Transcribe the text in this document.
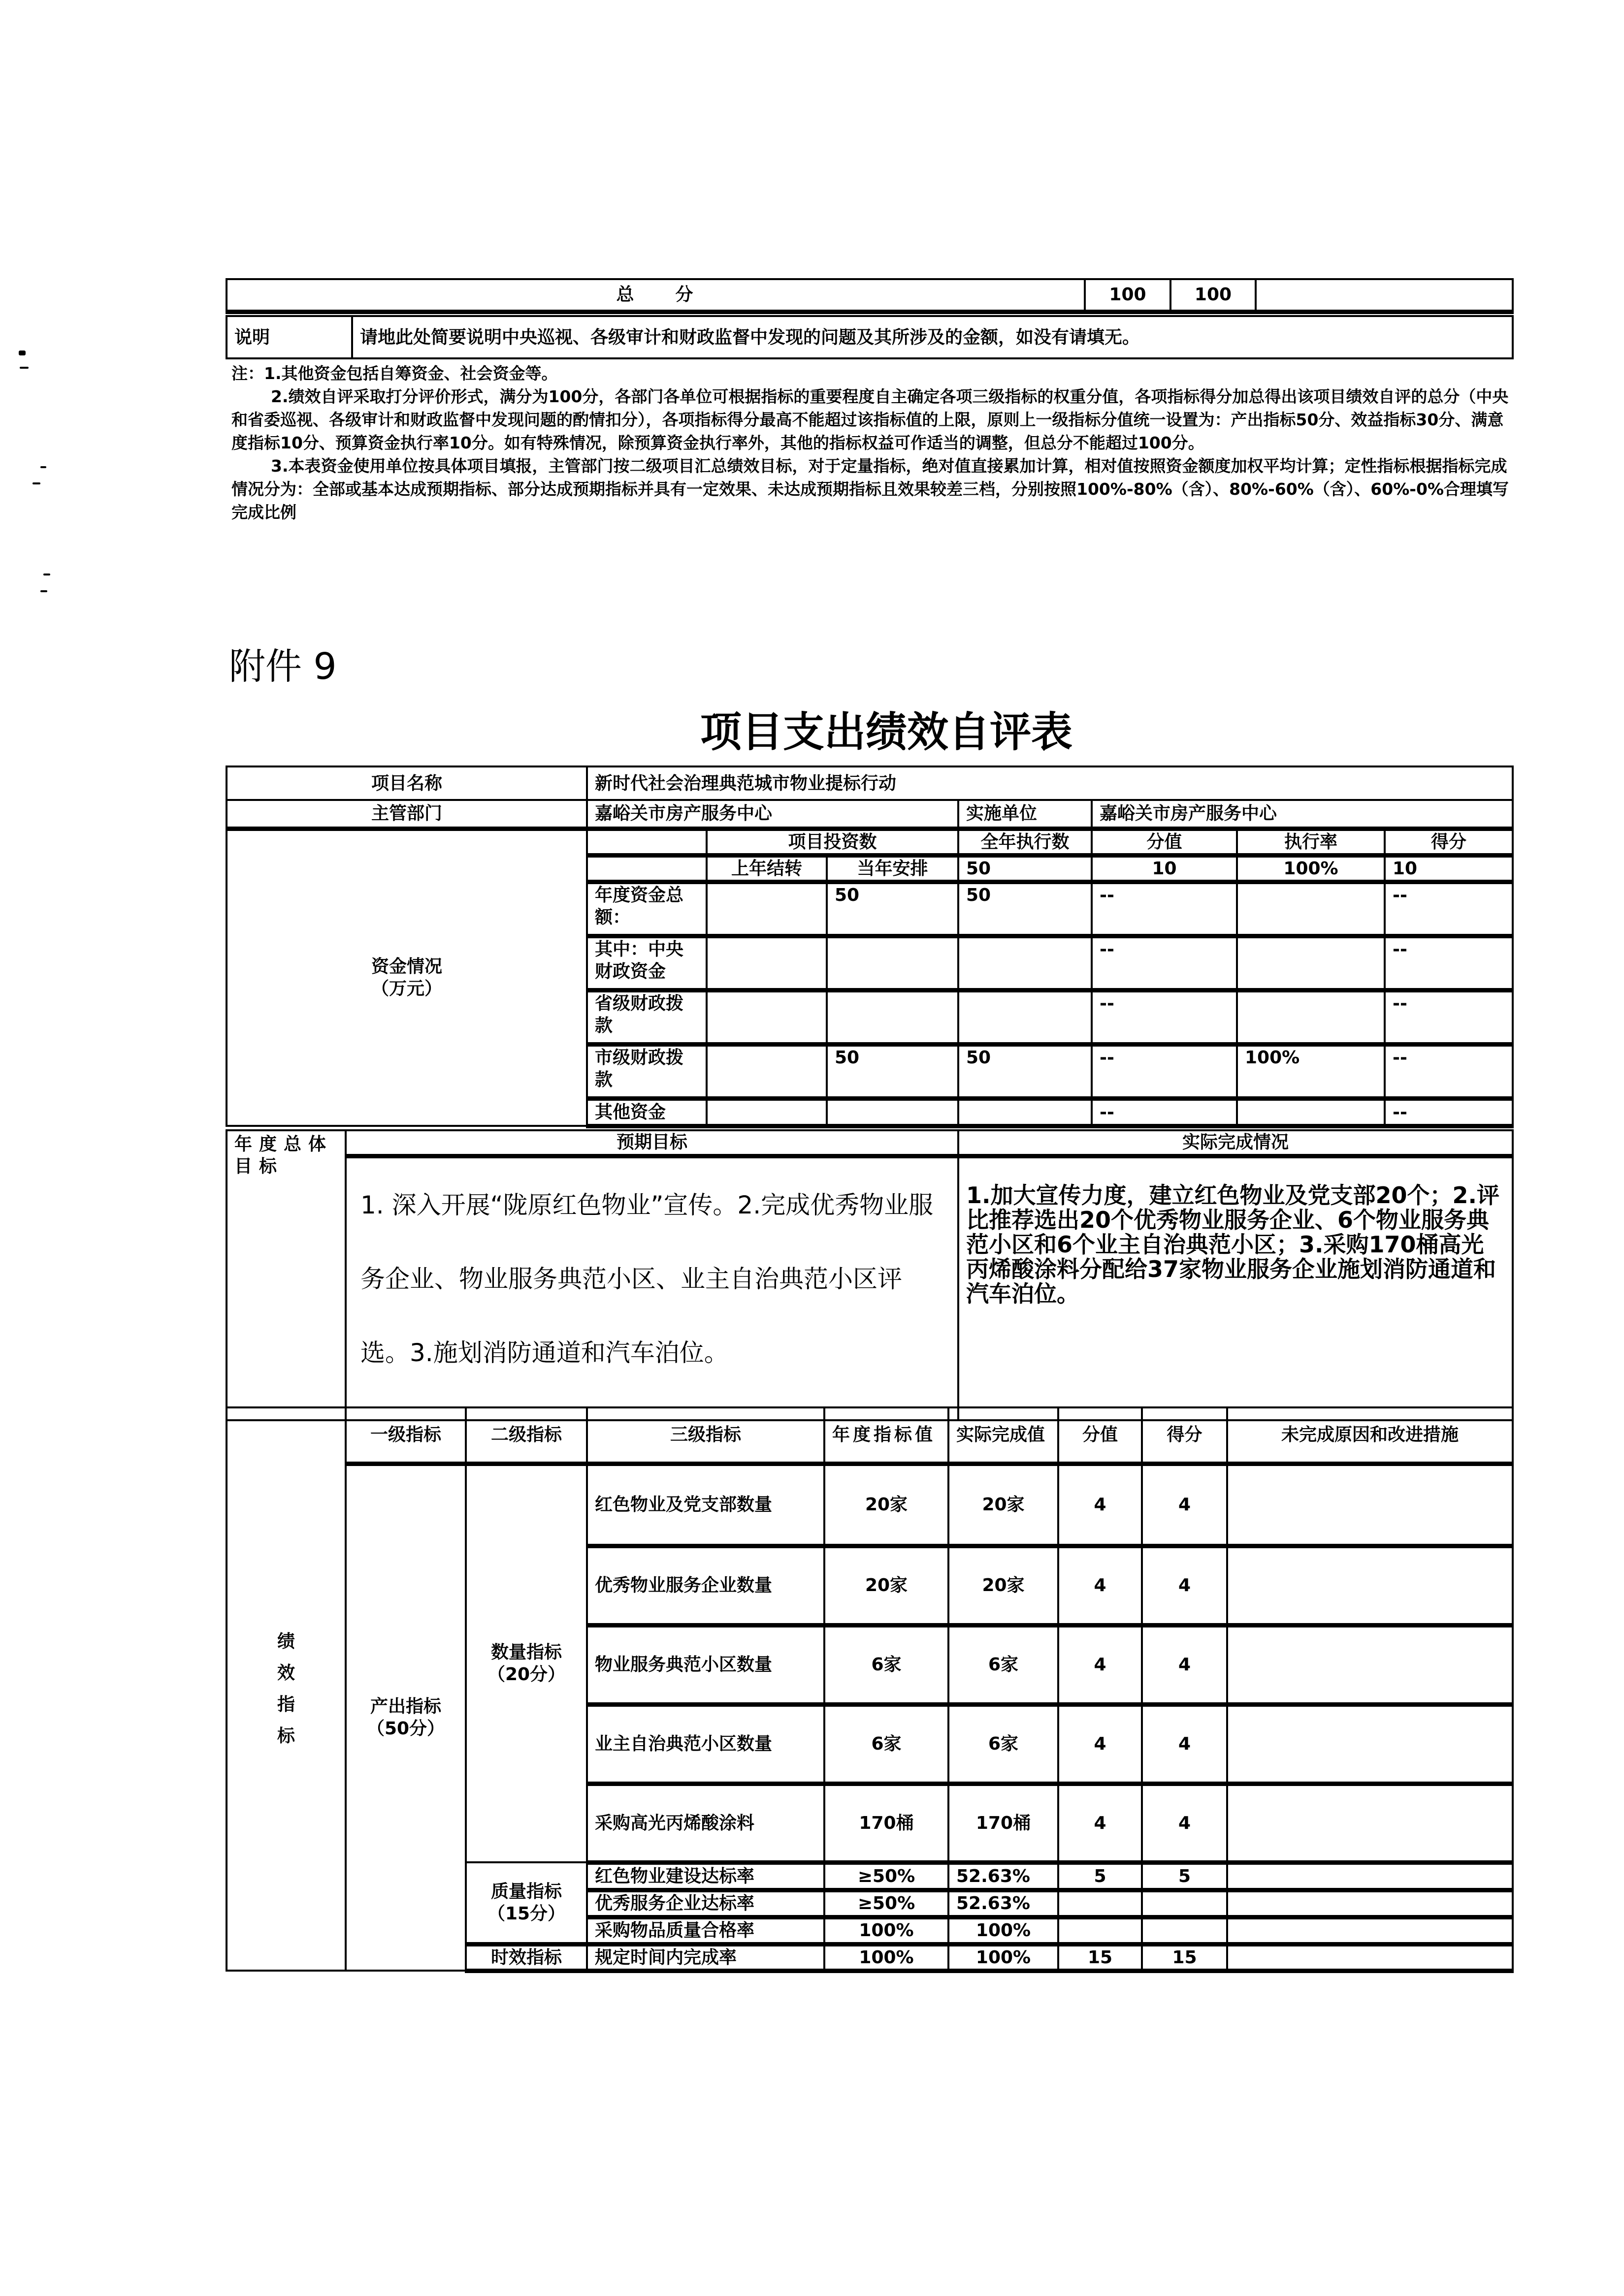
总　　分	100	100	
说明	请地此处简要说明中央巡视、各级审计和财政监督中发现的问题及其所涉及的金额，如没有请填无。

注：1.其他资金包括自筹资金、社会资金等。

2.绩效自评采取打分评价形式，满分为100分，各部门各单位可根据指标的重要程度自主确定各项三级指标的权重分值，各项指标得分加总得出该项目绩效自评的总分（中央和省委巡视、各级审计和财政监督中发现问题的酌情扣分），各项指标得分最高不能超过该指标值的上限，原则上一级指标分值统一设置为：产出指标50分、效益指标30分、满意度指标10分、预算资金执行率10分。如有特殊情况，除预算资金执行率外，其他的指标权益可作适当的调整，但总分不能超过100分。

3.本表资金使用单位按具体项目填报，主管部门按二级项目汇总绩效目标，对于定量指标，绝对值直接累加计算，相对值按照资金额度加权平均计算；定性指标根据指标完成情况分为：全部或基本达成预期指标、部分达成预期指标并具有一定效果、未达成预期指标且效果较差三档，分别按照100%-80%（含）、80%-60%（含）、60%-0%合理填写完成比例

附件 9
项目支出绩效自评表
项目名称	新时代社会治理典范城市物业提标行动						
主管部门	嘉峪关市房产服务中心			实施单位	嘉峪关市房产服务中心		

资金情况
（万元）		项目投资数		全年执行数	分值	执行率	得分
		上年结转	当年安排	50	10	100%	10
	年度资金总额：		50	50	--		--
	其中：中央财政资金				--		--
	省级财政拨款				--		--
	市级财政拨款		50	50	--	100%	--
	其他资金				--		--
年度总体目标	预期目标	实际完成情况
	1. 深入开展“陇原红色物业”宣传。2.完成优秀物业服务企业、物业服务典范小区、业主自治典范小区评选。3.施划消防通道和汽车泊位。	1.加大宣传力度，建立红色物业及党支部20个；2.评比推荐选出20个优秀物业服务企业、6个物业服务典范小区和6个业主自治典范小区；3.采购170桶高光丙烯酸涂料分配给37家物业服务企业施划消防通道和汽车泊位。
绩效指标	一级指标	二级指标	三级指标	年度指标值	实际完成值	分值	得分	未完成原因和改进措施
	产出指标（50分）	数量指标（20分）	红色物业及党支部数量	20家	20家	4	4	
			优秀物业服务企业数量	20家	20家	4	4	
			物业服务典范小区数量	6家	6家	4	4	
			业主自治典范小区数量	6家	6家	4	4	
			采购高光丙烯酸涂料	170桶	170桶	4	4	
		质量指标（15分）	红色物业建设达标率	≥50%	52.63%	5	5	
			优秀服务企业达标率	≥50%	52.63%			
			采购物品质量合格率	100%	100%			
		时效指标	规定时间内完成率	100%	100%	15	15	
